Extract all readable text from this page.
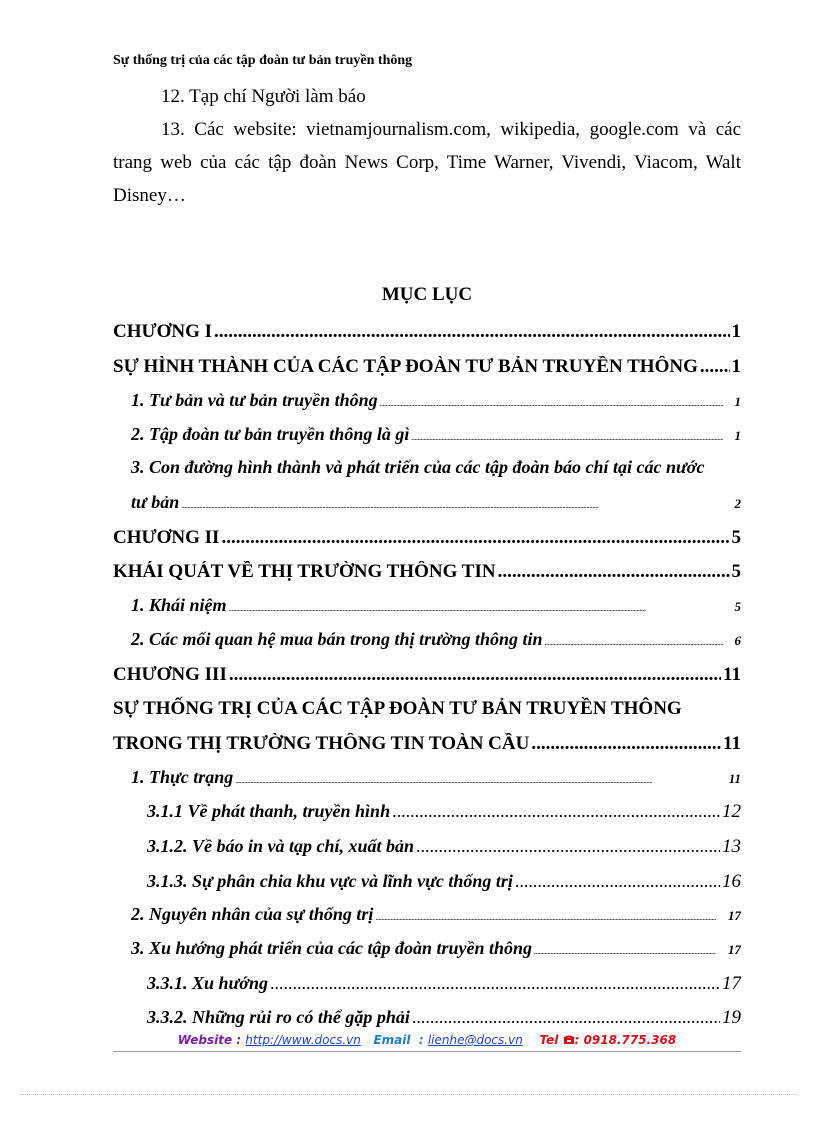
Sự thống trị của các tập đoàn tư bản truyền thông
12. Tạp chí Người làm báo
13. Các website: vietnamjournalism.com, wikipedia, google.com và các
trang web của các tập đoàn News Corp, Time Warner, Vivendi, Viacom, Walt
Disney…
MỤC LỤC
CHƯƠNG I .....	1
SỰ HÌNH THÀNH CỦA CÁC TẬP ĐOÀN TƯ BẢN TRUYỀN THÔNG ..... 1
1. Tư bản và tư bản truyền thông .....	1
2. Tập đoàn tư bản truyền thông là gì .....	1
3. Con đường hình thành và phát triển của các tập đoàn báo chí tại các nước
tư bản .....	2
CHƯƠNG II .....	5
KHÁI QUÁT VỀ THỊ TRƯỜNG THÔNG TIN .....	5
1. Khái niệm .....	5
2. Các mối quan hệ mua bán trong thị trường thông tin .....	6
CHƯƠNG III .....	11
SỰ THỐNG TRỊ CỦA CÁC TẬP ĐOÀN TƯ BẢN TRUYỀN THÔNG
TRONG THỊ TRƯỜNG THÔNG TIN TOÀN CẦU .....	11
1. Thực trạng .....	11
3.1.1 Về phát thanh, truyền hình .....	12
3.1.2. Về báo in và tạp chí, xuất bản .....	13
3.1.3. Sự phân chia khu vực và lĩnh vực thống trị .....	16
2. Nguyên nhân của sự thống trị .....	17
3. Xu hướng phát triển của các tập đoàn truyền thông .....	17
3.3.1. Xu hướng .....	17
3.3.2. Những rủi ro có thể gặp phải .....	19
Website : http://www.docs.vn Email : lienhe@docs.vn Tel : 0918.775.368
